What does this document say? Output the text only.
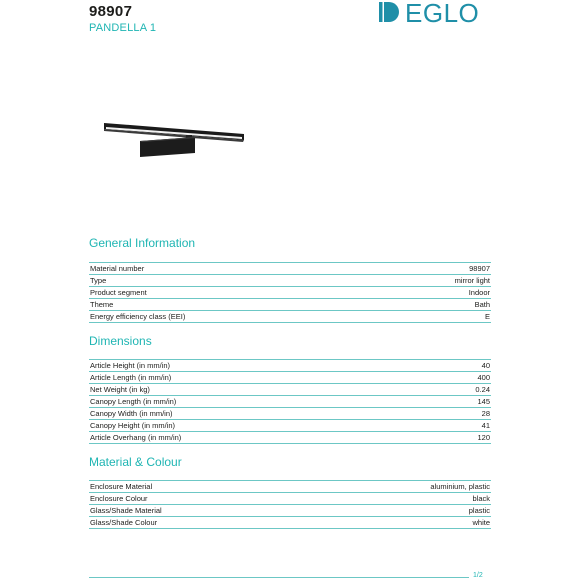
98907
PANDELLA 1	EGLO
General Information
Material number	98907
Type	mirror light
Product segment	Indoor
Theme	Bath
Energy efficiency class (EEI)	E
Dimensions
Article Height (in mm/in)	40
Article Length (in mm/in)	400
Net Weight (in kg)	0.24
Canopy Length (in mm/in)	145
Canopy Width (in mm/in)	28
Canopy Height (in mm/in)	41
Article Overhang (in mm/in)	120
Material & Colour
Enclosure Material	aluminium, plastic
Enclosure Colour	black
Glass/Shade Material	plastic
Glass/Shade Colour	white
1/2
